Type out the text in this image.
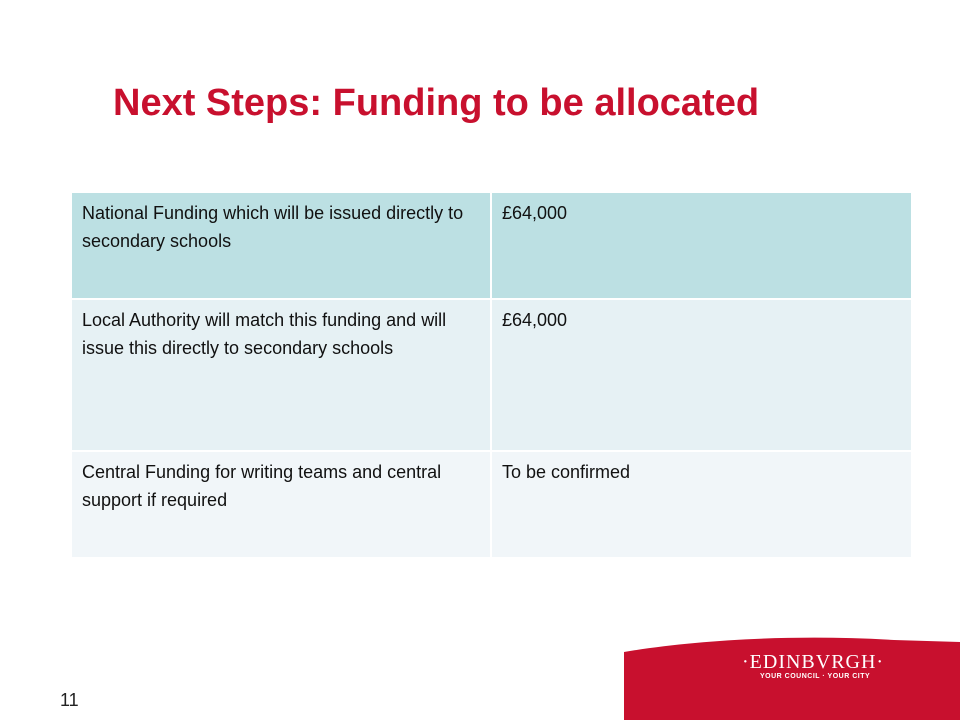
Next Steps: Funding to be allocated
National Funding which will be issued directly to secondary schools	£64,000
Local Authority will match this funding and will issue this directly to secondary schools	£64,000
Central Funding for writing teams and central support if required	To be confirmed
11
·EDINBVRGH·
YOUR COUNCIL · YOUR CITY
